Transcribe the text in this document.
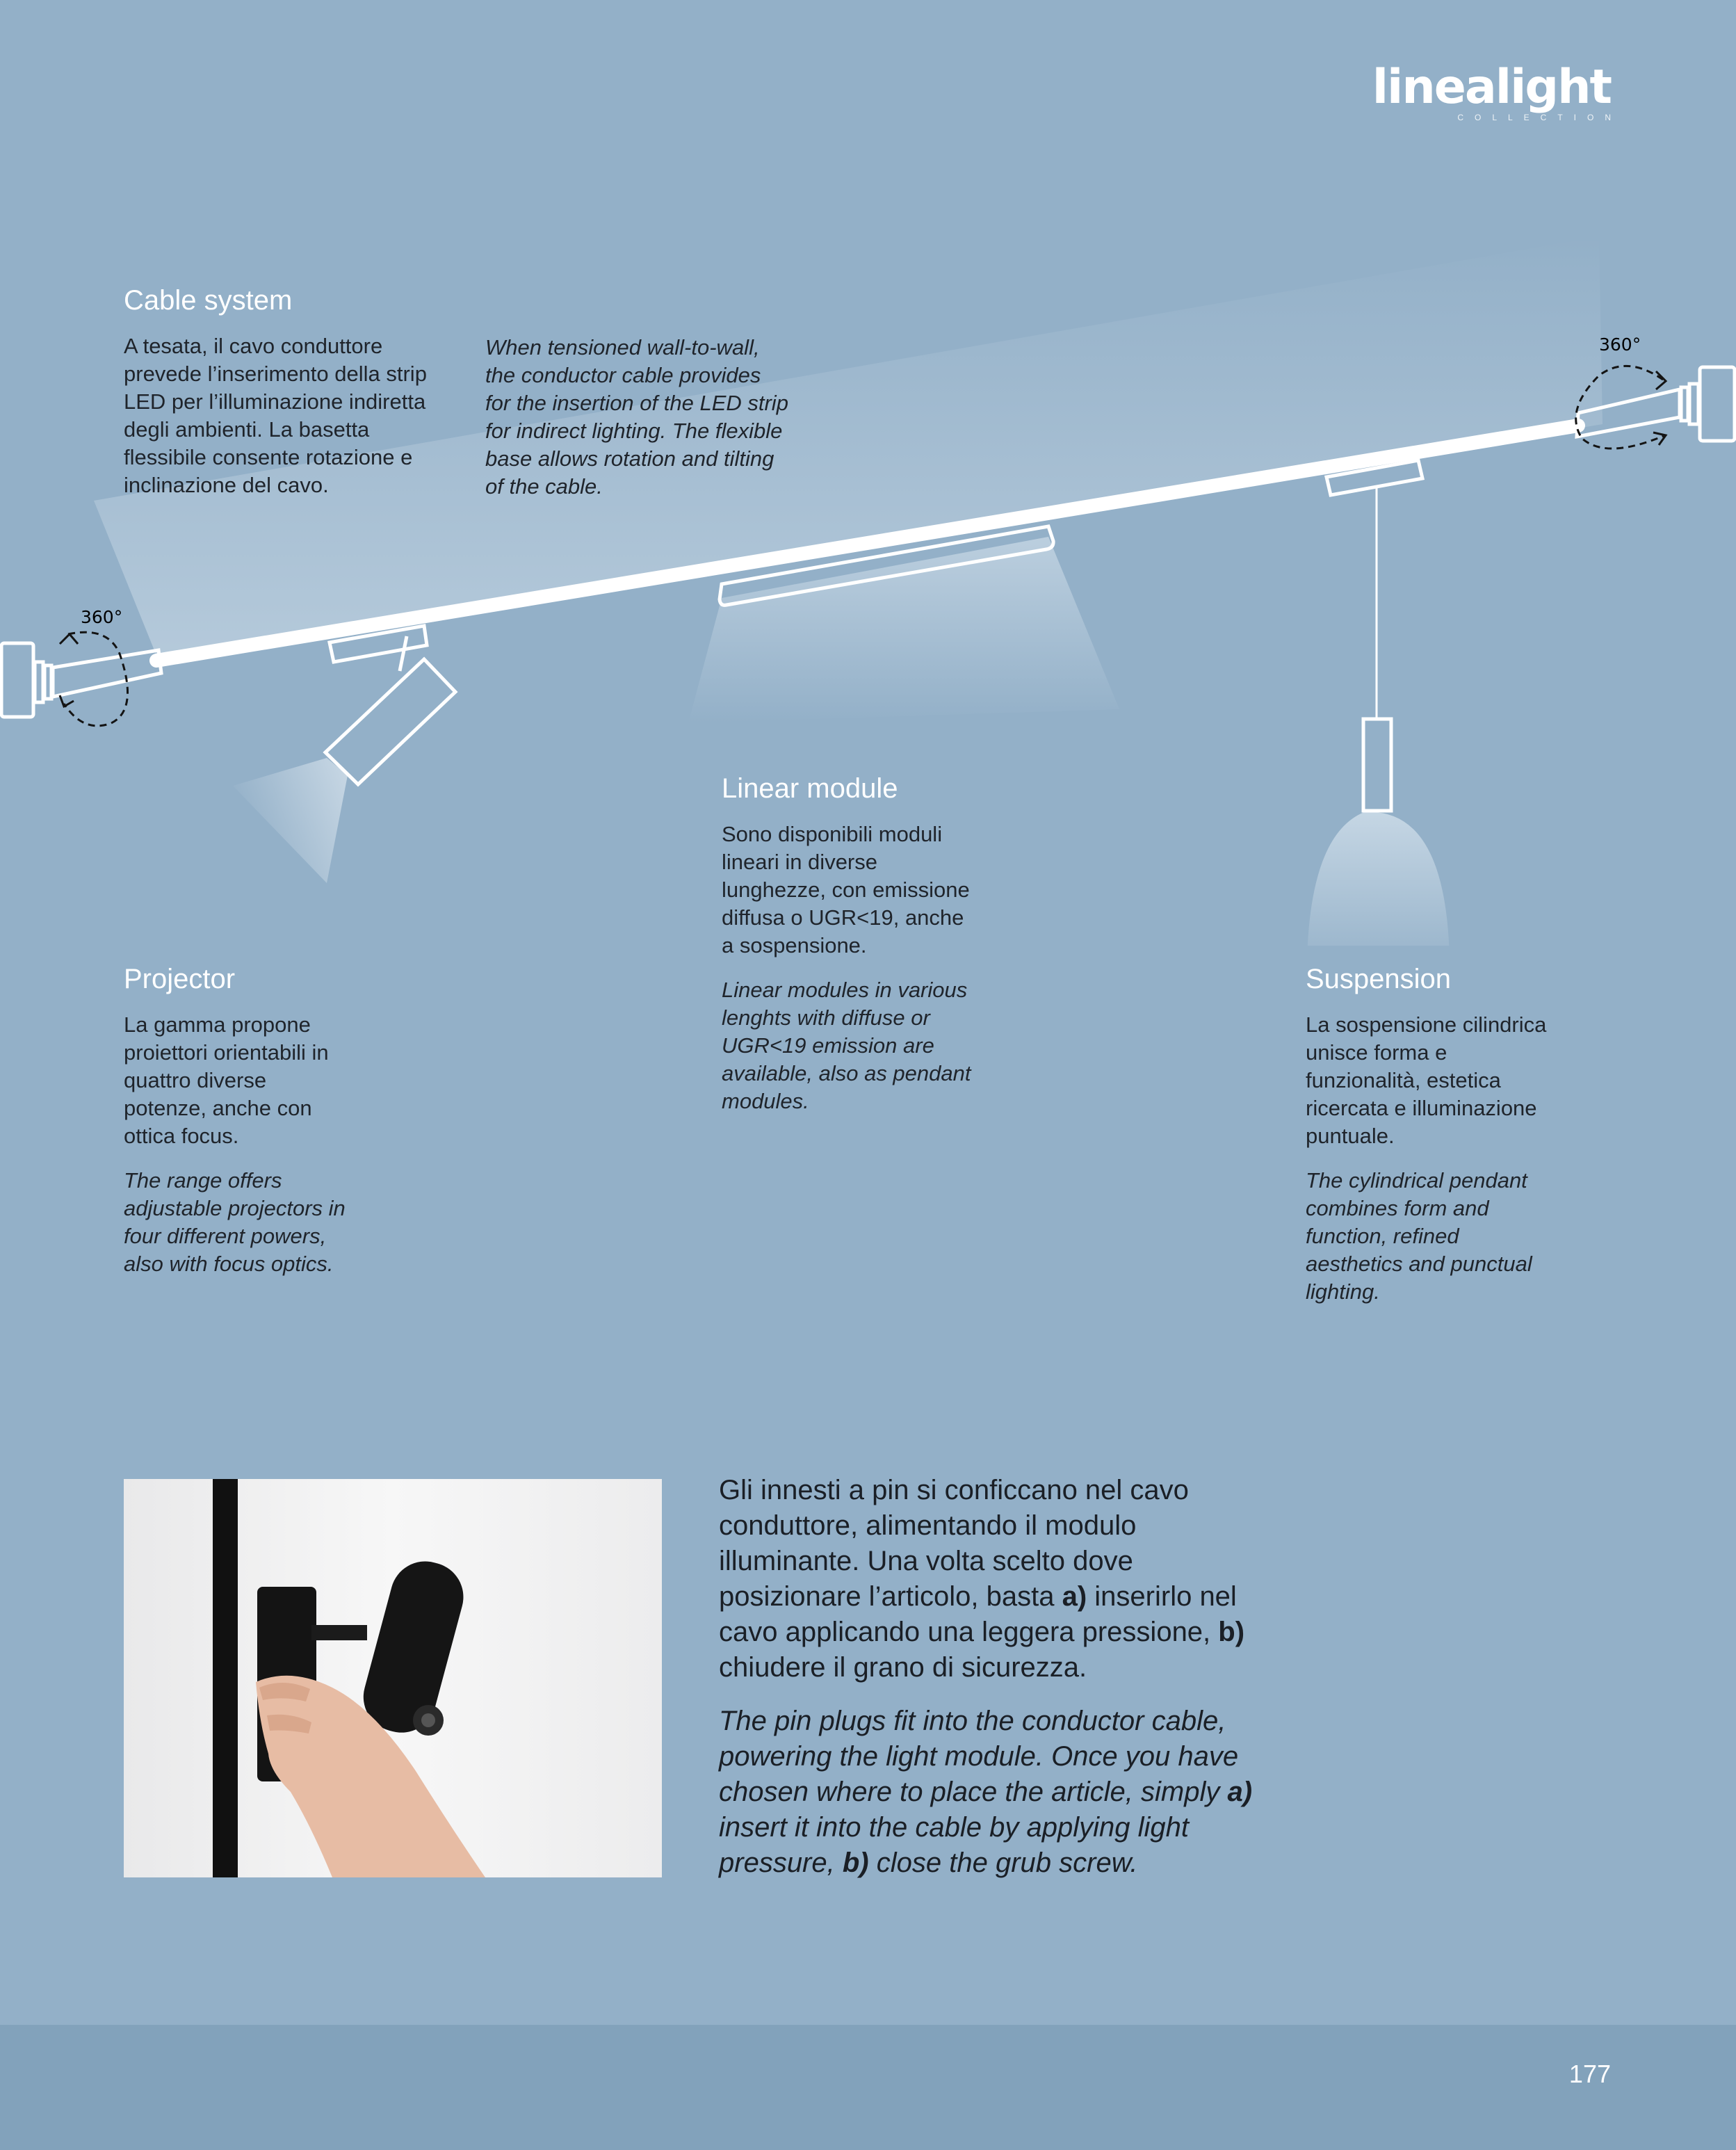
linealight
COLLECTION
360°
360°
Cable system

A tesata, il cavo conduttore prevede l’inserimento della strip LED per l’illuminazione indiretta degli ambienti. La basetta flessibile consente rotazione e inclinazione del cavo.

When tensioned wall-to-wall, the conductor cable provides for the insertion of the LED strip for indirect lighting. The flexible base allows rotation and tilting of the cable.

Linear module

Sono disponibili moduli lineari in diverse lunghezze, con emissione diffusa o UGR<19, anche a sospensione.

Linear modules in various lenghts with diffuse or UGR<19 emission are available, also as pendant modules.

Projector

La gamma propone proiettori orientabili in quattro diverse potenze, anche con ottica focus.

The range offers adjustable projectors in four different powers, also with focus optics.

Suspension

La sospensione cilindrica unisce forma e funzionalità, estetica ricercata e illuminazione puntuale.

The cylindrical pendant combines form and function, refined aesthetics and punctual lighting.

Gli innesti a pin si conficcano nel cavo conduttore, alimentando il modulo illuminante. Una volta scelto dove posizionare l’articolo, basta a) inserirlo nel cavo applicando una leggera pressione, b) chiudere il grano di sicurezza.

The pin plugs fit into the conductor cable, powering the light module. Once you have chosen where to place the article, simply a) insert it into the cable by applying light pressure, b) close the grub screw.

177
